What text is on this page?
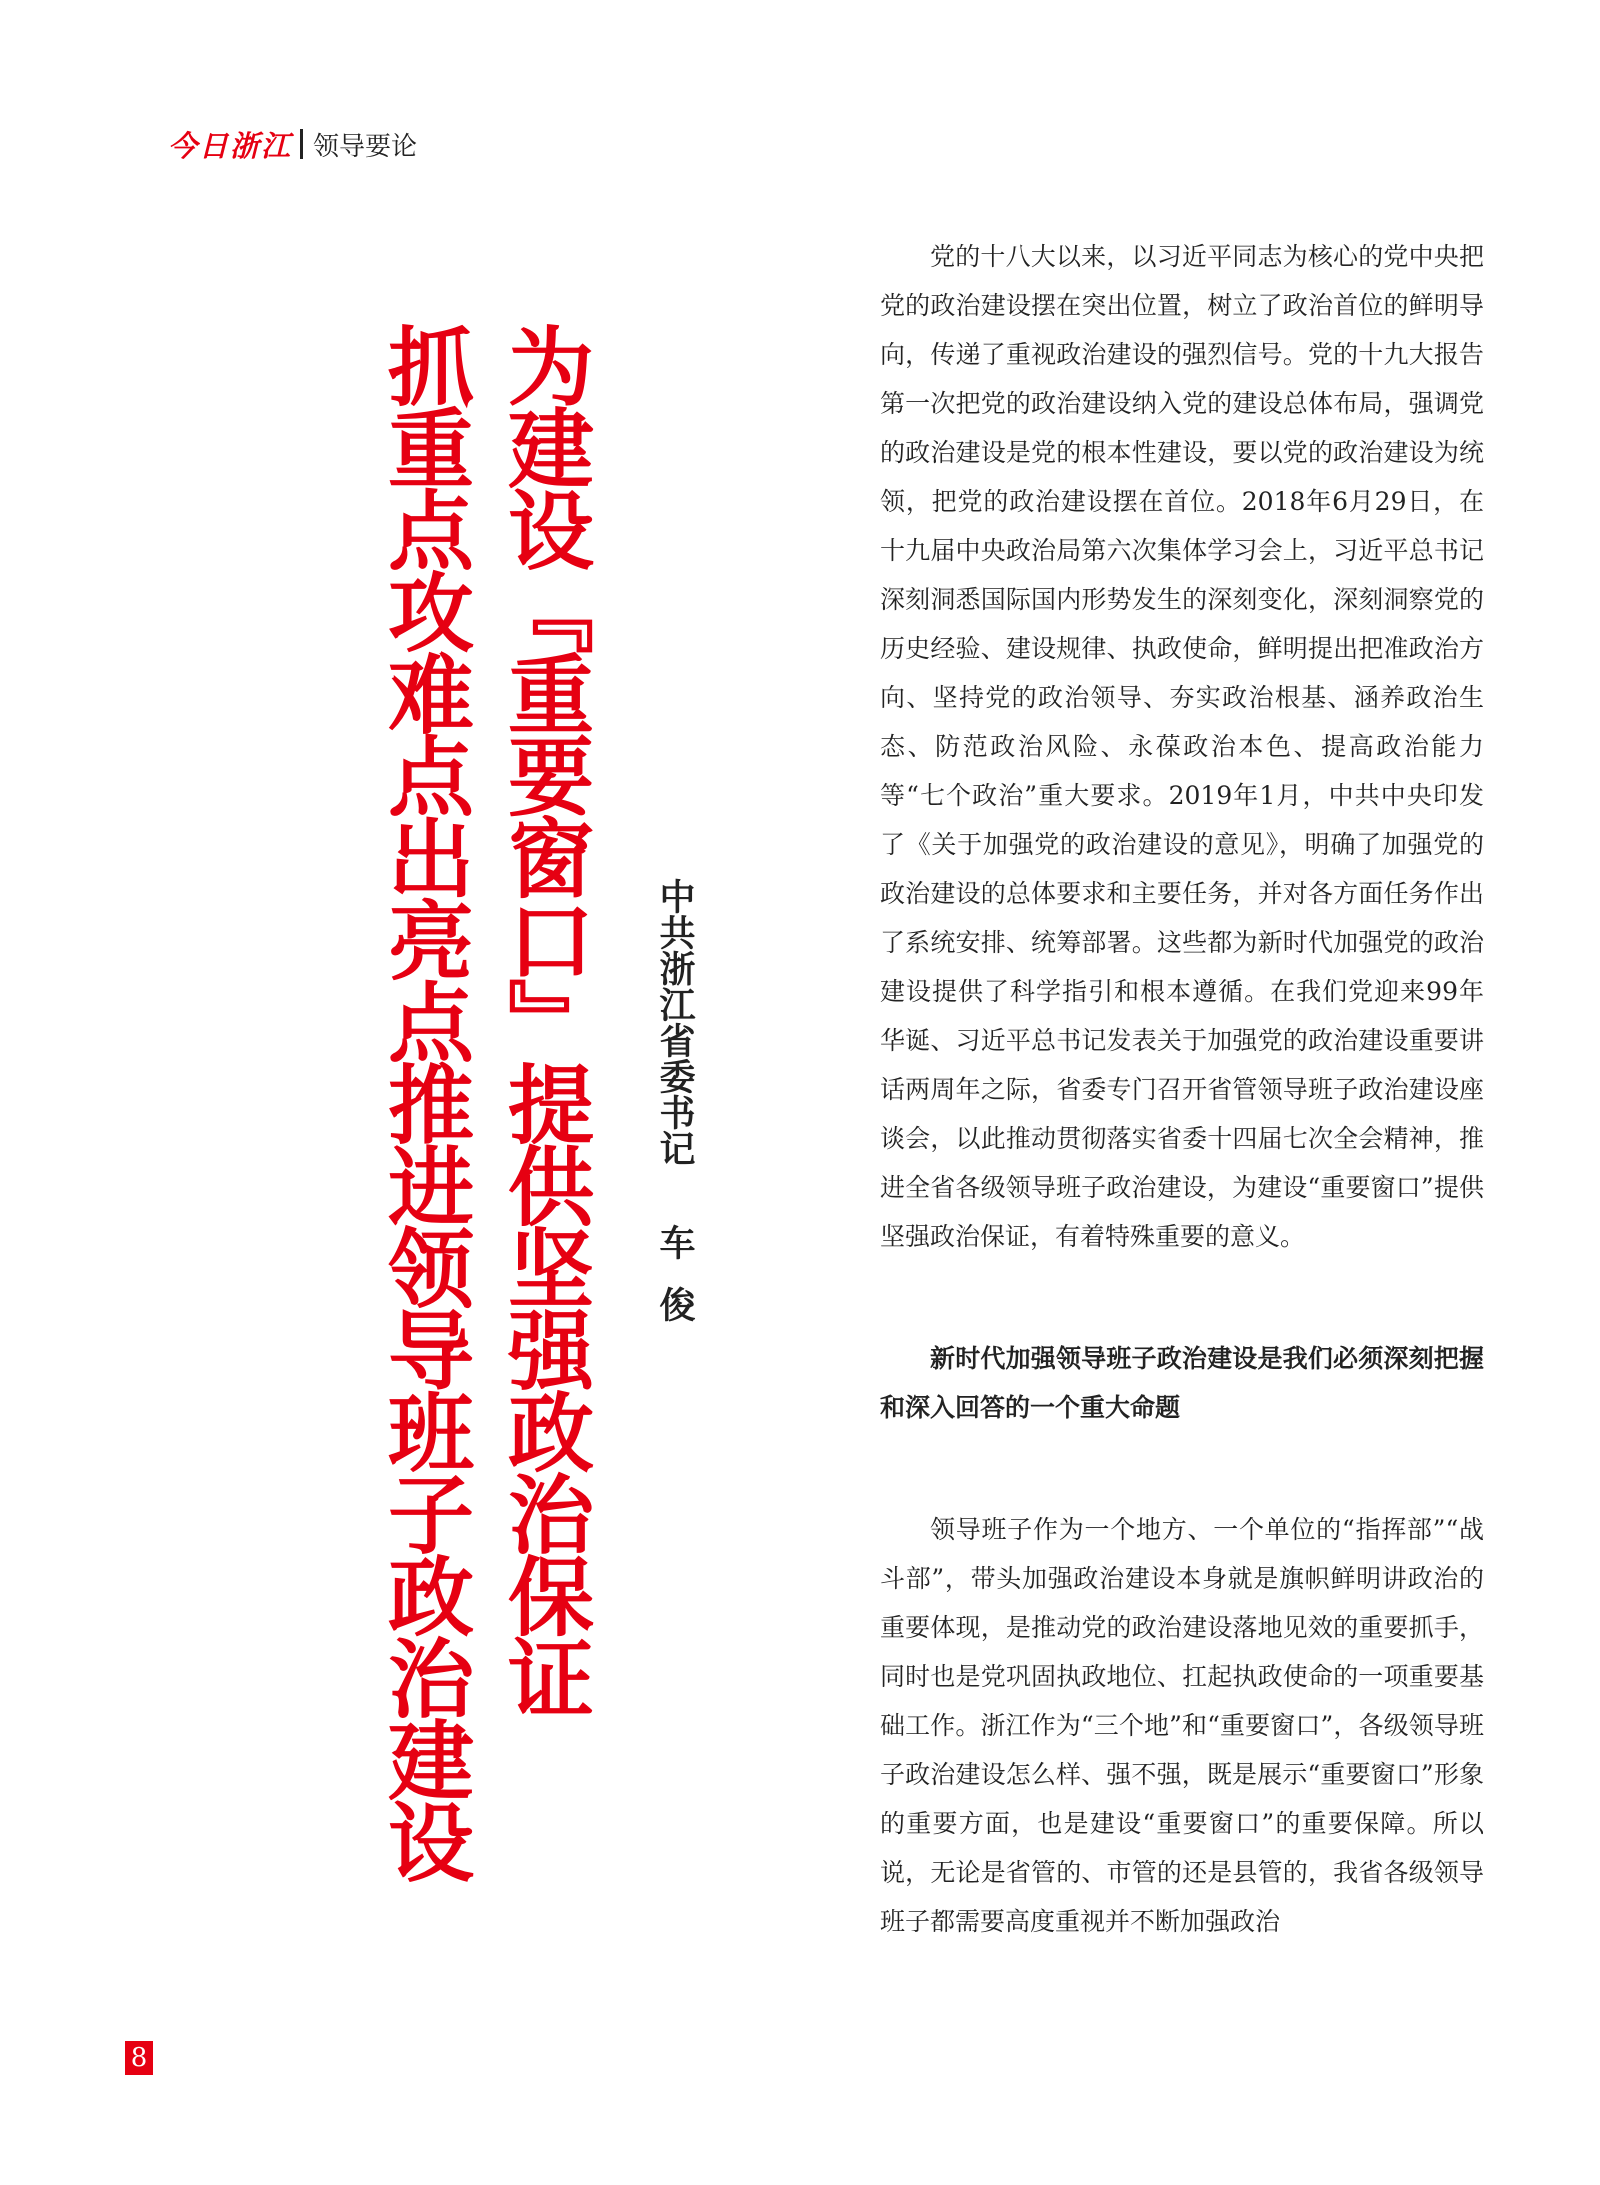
今日浙江 领导要论
为建设『重要窗口』提供坚强政治保证
抓重点攻难点出亮点推进领导班子政治建设	中共浙江省委书记车俊

党的十八大以来，以习近平同志为核心的党中央把党的政治建设摆在突出位置，树立了政治首位的鲜明导向，传递了重视政治建设的强烈信号。党的十九大报告第一次把党的政治建设纳入党的建设总体布局，强调党的政治建设是党的根本性建设，要以党的政治建设为统领，把党的政治建设摆在首位。2018年6月29日，在十九届中央政治局第六次集体学习会上，习近平总书记深刻洞悉国际国内形势发生的深刻变化，深刻洞察党的历史经验、建设规律、执政使命，鲜明提出把准政治方向、坚持党的政治领导、夯实政治根基、涵养政治生态、防范政治风险、永葆政治本色、提高政治能力等“七个政治”重大要求。2019年1月，中共中央印发了《关于加强党的政治建设的意见》，明确了加强党的政治建设的总体要求和主要任务，并对各方面任务作出了系统安排、统筹部署。这些都为新时代加强党的政治建设提供了科学指引和根本遵循。在我们党迎来99年华诞、习近平总书记发表关于加强党的政治建设重要讲话两周年之际，省委专门召开省管领导班子政治建设座谈会，以此推动贯彻落实省委十四届七次全会精神，推进全省各级领导班子政治建设，为建设“重要窗口”提供坚强政治保证，有着特殊重要的意义。

新时代加强领导班子政治建设是我们必须深刻把握和深入回答的一个重大命题

领导班子作为一个地方、一个单位的“指挥部”“战斗部”，带头加强政治建设本身就是旗帜鲜明讲政治的重要体现，是推动党的政治建设落地见效的重要抓手，同时也是党巩固执政地位、扛起执政使命的一项重要基础工作。浙江作为“三个地”和“重要窗口”，各级领导班子政治建设怎么样、强不强，既是展示“重要窗口”形象的重要方面，也是建设“重要窗口”的重要保障。所以说，无论是省管的、市管的还是县管的，我省各级领导班子都需要高度重视并不断加强政治

8
